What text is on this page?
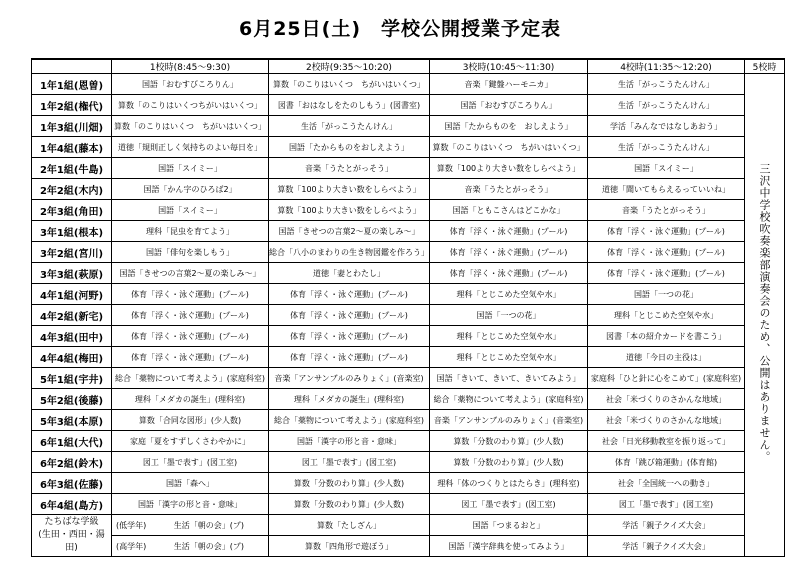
6月25日(土)　学校公開授業予定表
	1校時(8:45～9:30)	2校時(9:35～10:20)	3校時(10:45～11:30)	4校時(11:35～12:20)	5校時
1年1組(恩曽)	国語「おむすびころりん」	算数「のこりはいくつ　ちがいはいくつ」	音楽「鍵盤ハーモニカ」	生活「がっこうたんけん」	三沢中学校吹奏楽部演奏会のため、公開はありません。
1年2組(権代)	算数「のこりはいくつちがいはいくつ」	図書「おはなしをたのしもう」(図書室)	国語「おむすびころりん」	生活「がっこうたんけん」	
1年3組(川畑)	算数「のこりはいくつ　ちがいはいくつ」	生活「がっこうたんけん」	国語「たからものを　おしえよう」	学活「みんなではなしあおう」	
1年4組(藤本)	道徳「規則正しく気持ちのよい毎日を」	国語「たからものをおしえよう」	算数「のこりはいくつ　ちがいはいくつ」	生活「がっこうたんけん」	
2年1組(牛島)	国語「スイミー」	音楽「うたとがっそう」	算数「100より大きい数をしらべよう」	国語「スイミー」	
2年2組(木内)	国語「かん字のひろば2」	算数「100より大きい数をしらべよう」	音楽「うたとがっそう」	道徳「聞いてもらえるっていいね」	
2年3組(角田)	国語「スイミー」	算数「100より大きい数をしらべよう」	国語「ともこさんはどこかな」	音楽「うたとがっそう」	
3年1組(根本)	理科「昆虫を育てよう」	国語「きせつの言葉2～夏の楽しみ～」	体育「浮く・泳ぐ運動」(プール)	体育「浮く・泳ぐ運動」(プール)	
3年2組(宮川)	国語「俳句を楽しもう」	総合「八小のまわりの生き物図鑑を作ろう」	体育「浮く・泳ぐ運動」(プール)	体育「浮く・泳ぐ運動」(プール)	
3年3組(萩原)	国語「きせつの言葉2～夏の楽しみ～」	道徳「妻とわたし」	体育「浮く・泳ぐ運動」(プール)	体育「浮く・泳ぐ運動」(プール)	
4年1組(河野)	体育「浮く・泳ぐ運動」(プール)	体育「浮く・泳ぐ運動」(プール)	理科「とじこめた空気や水」	国語「一つの花」	
4年2組(新宅)	体育「浮く・泳ぐ運動」(プール)	体育「浮く・泳ぐ運動」(プール)	国語「一つの花」	理科「とじこめた空気や水」	
4年3組(田中)	体育「浮く・泳ぐ運動」(プール)	体育「浮く・泳ぐ運動」(プール)	理科「とじこめた空気や水」	図書「本の紹介カードを書こう」	
4年4組(梅田)	体育「浮く・泳ぐ運動」(プール)	体育「浮く・泳ぐ運動」(プール)	理科「とじこめた空気や水」	道徳「今日の主役は」	
5年1組(宇井)	総合「薬物について考えよう」(家庭科室)	音楽「アンサンブルのみりょく」(音楽室)	国語「きいて、きいて、きいてみよう」	家庭科「ひと針に心をこめて」(家庭科室)	
5年2組(後藤)	理科「メダカの誕生」(理科室)	理科「メダカの誕生」(理科室)	総合「薬物について考えよう」(家庭科室)	社会「米づくりのさかんな地域」	
5年3組(本原)	算数「合同な図形」(少人数)	総合「薬物について考えよう」(家庭科室)	音楽「アンサンブルのみりょく」(音楽室)	社会「米づくりのさかんな地域」	
6年1組(大代)	家庭「夏をすずしくさわやかに」	国語「漢字の形と音・意味」	算数「分数のわり算」(少人数)	社会「日光移動教室を振り返って」	
6年2組(鈴木)	図工「墨で表す」(図工室)	図工「墨で表す」(図工室)	算数「分数のわり算」(少人数)	体育「跳び箱運動」(体育館)	
6年3組(佐藤)	国語「森へ」	算数「分数のわり算」(少人数)	理科「体のつくりとはたらき」(理科室)	社会「全国統一への動き」	
6年4組(島方)	国語「漢字の形と音・意味」	算数「分数のわり算」(少人数)	図工「墨で表す」(図工室)	図工「墨で表す」(図工室)	
たちばな学級
(生田・西田・湯田)	(低学年) 生活「朝の会」(プ)	算数「たしざん」	国語「つまるおと」	学活「親子クイズ大会」	

	(高学年) 生活「朝の会」(プ)	算数「四角形で遊ぼう」	国語「漢字辞典を使ってみよう」	学活「親子クイズ大会」	
